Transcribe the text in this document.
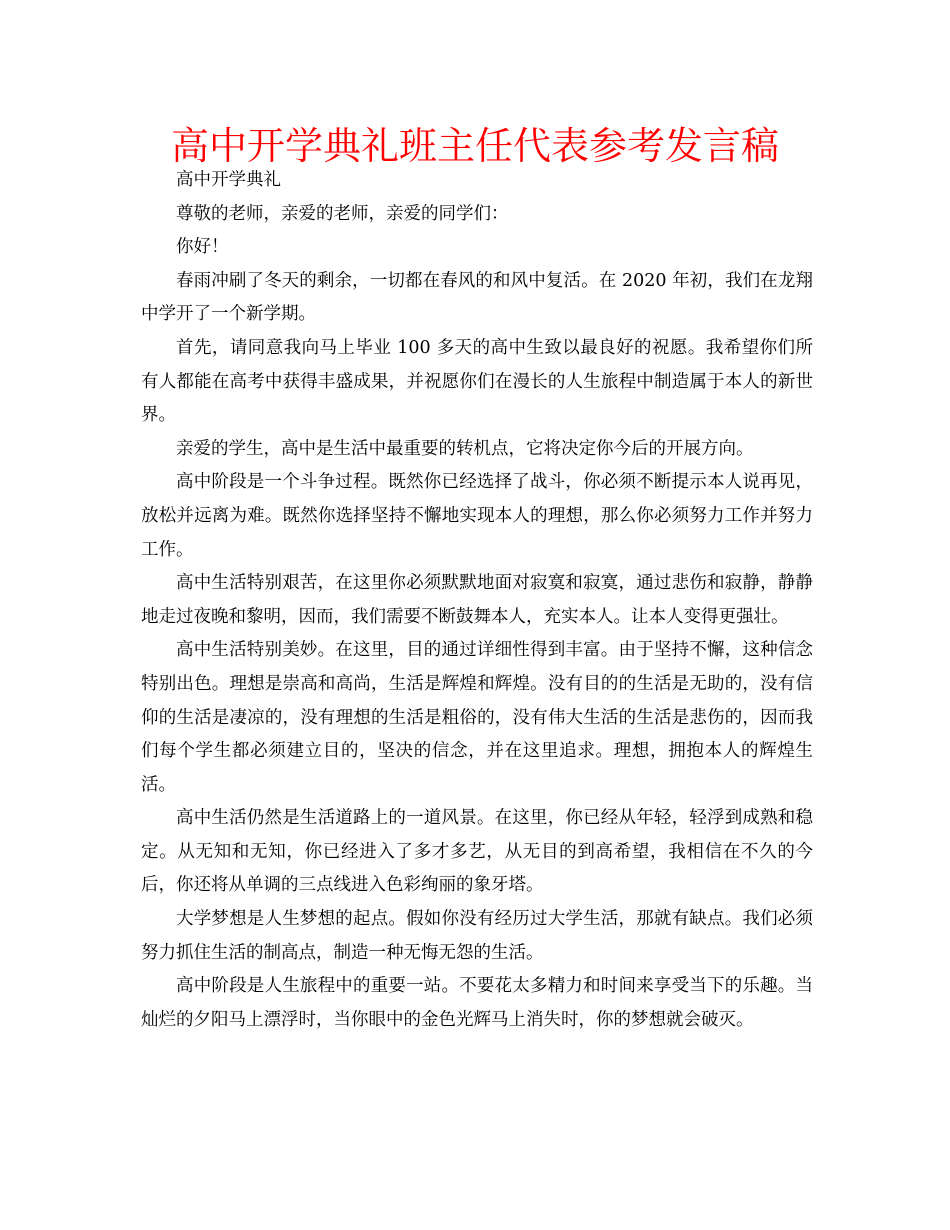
高中开学典礼班主任代表参考发言稿

高中开学典礼

尊敬的老师，亲爱的老师，亲爱的同学们：

你好！

春雨冲刷了冬天的剩余，一切都在春风的和风中复活。在 2020 年初，我们在龙翔中学开了一个新学期。

首先，请同意我向马上毕业 100 多天的高中生致以最良好的祝愿。我希望你们所有人都能在高考中获得丰盛成果，并祝愿你们在漫长的人生旅程中制造属于本人的新世界。

亲爱的学生，高中是生活中最重要的转机点，它将决定你今后的开展方向。

高中阶段是一个斗争过程。既然你已经选择了战斗，你必须不断提示本人说再见，放松并远离为难。既然你选择坚持不懈地实现本人的理想，那么你必须努力工作并努力工作。

高中生活特别艰苦，在这里你必须默默地面对寂寞和寂寞，通过悲伤和寂静，静静地走过夜晚和黎明，因而，我们需要不断鼓舞本人，充实本人。让本人变得更强壮。

高中生活特别美妙。在这里，目的通过详细性得到丰富。由于坚持不懈，这种信念特别出色。理想是崇高和高尚，生活是辉煌和辉煌。没有目的的生活是无助的，没有信仰的生活是凄凉的，没有理想的生活是粗俗的，没有伟大生活的生活是悲伤的，因而我们每个学生都必须建立目的，坚决的信念，并在这里追求。理想，拥抱本人的辉煌生活。

高中生活仍然是生活道路上的一道风景。在这里，你已经从年轻，轻浮到成熟和稳定。从无知和无知，你已经进入了多才多艺，从无目的到高希望，我相信在不久的今后，你还将从单调的三点线进入色彩绚丽的象牙塔。

大学梦想是人生梦想的起点。假如你没有经历过大学生活，那就有缺点。我们必须努力抓住生活的制高点，制造一种无悔无怨的生活。

高中阶段是人生旅程中的重要一站。不要花太多精力和时间来享受当下的乐趣。当灿烂的夕阳马上漂浮时，当你眼中的金色光辉马上消失时，你的梦想就会破灭。
